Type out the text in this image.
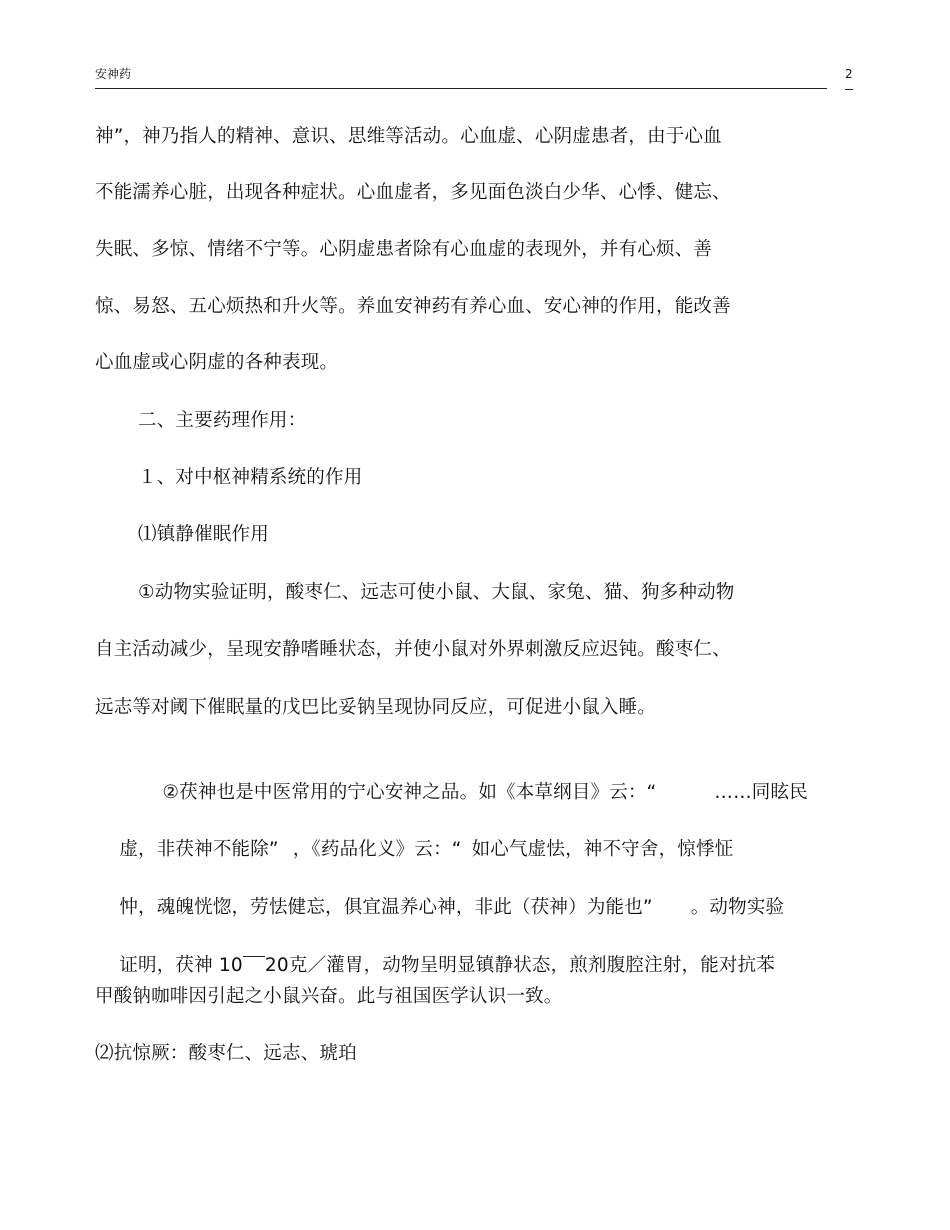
安神药	2
神”，神乃指人的精神、意识、思维等活动。心血虚、心阴虚患者，由于心血
不能濡养心脏，出现各种症状。心血虚者，多见面色淡白少华、心悸、健忘、
失眠、多惊、情绪不宁等。心阴虚患者除有心血虚的表现外，并有心烦、善
惊、易怒、五心烦热和升火等。养血安神药有养心血、安心神的作用，能改善
心血虚或心阴虚的各种表现。
二、主要药理作用：
１、对中枢神精系统的作用
⑴镇静催眠作用
①动物实验证明，酸枣仁、远志可使小鼠、大鼠、家兔、猫、狗多种动物
自主活动减少，呈现安静嗜睡状态，并使小鼠对外界刺激反应迟钝。酸枣仁、
远志等对阈下催眠量的戊巴比妥钠呈现协同反应，可促进小鼠入睡。

②茯神也是中医常用的宁心安神之品。如《本草纲目》云：“	……同眩民

虚，非茯神不能除” ，《药品化义》云：“ 如心气虚怯，神不守舍，惊悸怔

忡，魂魄恍惚，劳怯健忘，俱宜温养心神，非此（茯神）为能也” 。动物实验

证明，茯神 10 20克／灌胃，动物呈明显镇静状态，煎剂腹腔注射，能对抗苯

甲酸钠咖啡因引起之小鼠兴奋。此与祖国医学认识一致。
⑵抗惊厥：酸枣仁、远志、琥珀
